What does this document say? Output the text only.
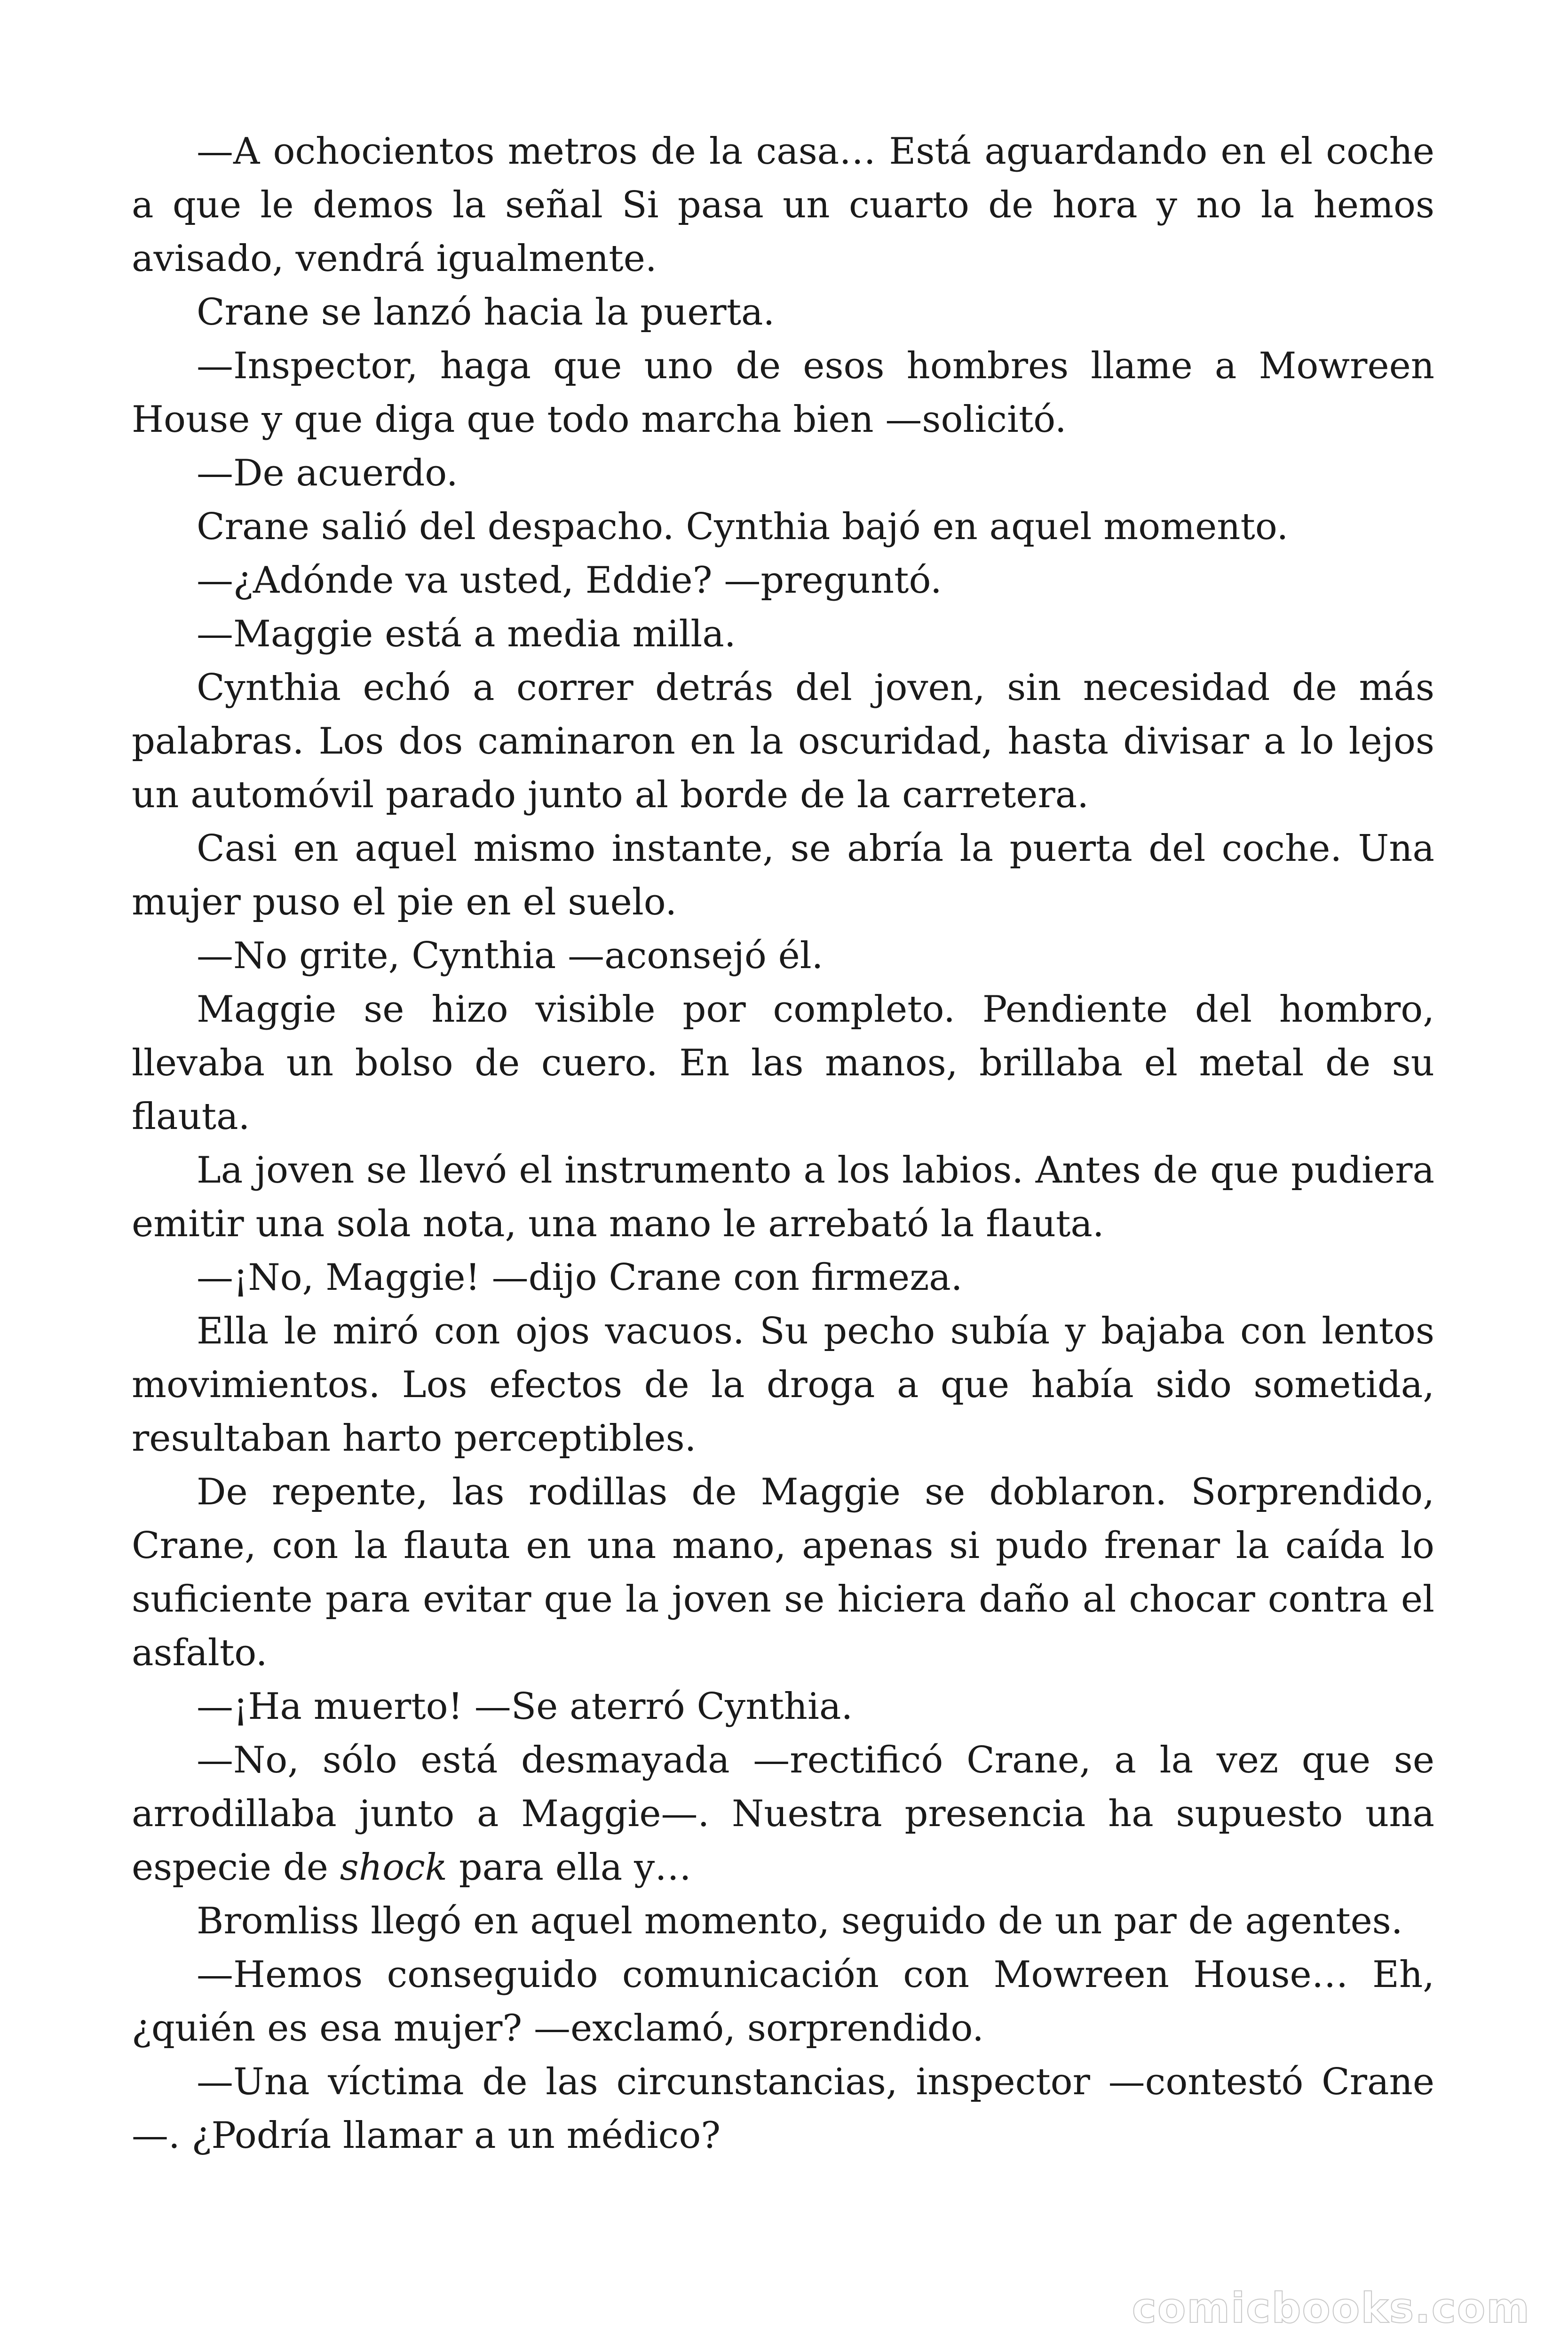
—A ochocientos metros de la casa… Está aguardando en el coche a que le demos la señal Si pasa un cuarto de hora y no la hemos avisado, vendrá igualmente.

Crane se lanzó hacia la puerta.

—Inspector, haga que uno de esos hombres llame a Mowreen House y que diga que todo marcha bien —solicitó.

—De acuerdo.

Crane salió del despacho. Cynthia bajó en aquel momento.

—¿Adónde va usted, Eddie? —preguntó.

—Maggie está a media milla.

Cynthia echó a correr detrás del joven, sin necesidad de más palabras. Los dos caminaron en la oscuridad, hasta divisar a lo lejos un automóvil parado junto al borde de la carretera.

Casi en aquel mismo instante, se abría la puerta del coche. Una mujer puso el pie en el suelo.

—No grite, Cynthia —aconsejó él.

Maggie se hizo visible por completo. Pendiente del hombro, llevaba un bolso de cuero. En las manos, brillaba el metal de su flauta.

La joven se llevó el instrumento a los labios. Antes de que pudiera emitir una sola nota, una mano le arrebató la flauta.

—¡No, Maggie! —dijo Crane con firmeza.

Ella le miró con ojos vacuos. Su pecho subía y bajaba con lentos movimientos. Los efectos de la droga a que había sido sometida, resultaban harto perceptibles.

De repente, las rodillas de Maggie se doblaron. Sorprendido, Crane, con la flauta en una mano, apenas si pudo frenar la caída lo suficiente para evitar que la joven se hiciera daño al chocar contra el asfalto.

—¡Ha muerto! —Se aterró Cynthia.

—No, sólo está desmayada —rectificó Crane, a la vez que se arrodillaba junto a Maggie—. Nuestra presencia ha supuesto una especie de shock para ella y…

Bromliss llegó en aquel momento, seguido de un par de agentes.

—Hemos conseguido comunicación con Mowreen House… Eh, ¿quién es esa mujer? —exclamó, sorprendido.

—Una víctima de las circunstancias, inspector —contestó Crane —. ¿Podría llamar a un médico?

comicbooks.com
